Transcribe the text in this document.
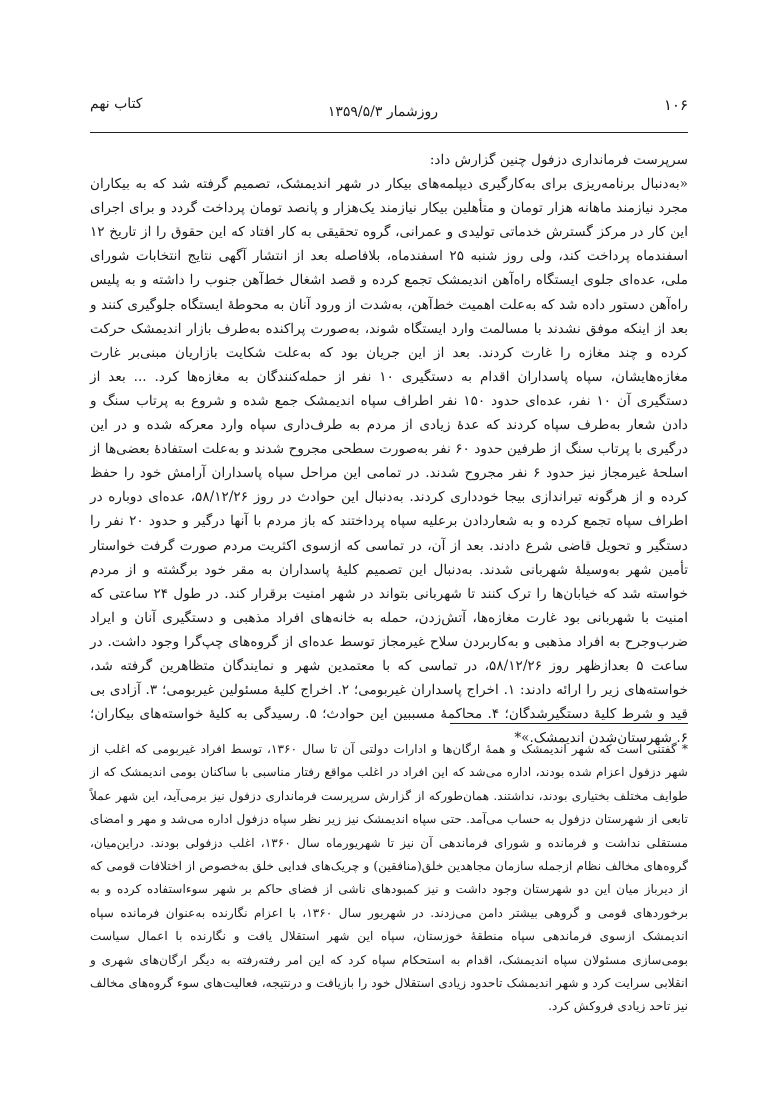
۱۰۶
روزشمار ۱۳۵۹/۵/۳
کتاب نهم

سرپرست فرمانداری دزفول چنین گزارش داد:

«به‌دنبال برنامه‌ریزی برای به‌کارگیری دیپلمه‌های بیکار در شهر اندیمشک، تصمیم گرفته شد که به بیکاران مجرد نیازمند ماهانه هزار تومان و متأهلین بیکار نیازمند یک‌هزار و پانصد تومان پرداخت گردد و برای اجرای این کار در مرکز گسترش خدماتی تولیدی و عمرانی، گروه تحقیقی به کار افتاد که این حقوق را از تاریخ ۱۲ اسفندماه پرداخت کند، ولی روز شنبه ۲۵ اسفندماه، بلافاصله بعد از انتشار آگهی نتایج انتخابات شورای ملی، عده‌ای جلوی ایستگاه راه‌آهن اندیمشک تجمع کرده و قصد اشغال خط‌آهن جنوب را داشته و به پلیس راه‌آهن دستور داده شد که به‌علت اهمیت خط‌آهن، به‌شدت از ورود آنان به محوطهٔ ایستگاه جلوگیری کنند و بعد از اینکه موفق نشدند با مسالمت وارد ایستگاه شوند، به‌صورت پراکنده به‌طرف بازار اندیمشک حرکت کرده و چند مغازه را غارت کردند. بعد از این جریان بود که به‌علت شکایت بازاریان مبنی‌بر غارت مغازه‌هایشان، سپاه پاسداران اقدام به دستگیری ۱۰ نفر از حمله‌کنندگان به مغازه‌ها کرد. ... بعد از دستگیری آن ۱۰ نفر، عده‌ای حدود ۱۵۰ نفر اطراف سپاه اندیمشک جمع شده و شروع به پرتاب سنگ و دادن شعار به‌طرف سپاه کردند که عدهٔ زیادی از مردم به طرف‌داری سپاه وارد معرکه شده و در این درگیری با پرتاب سنگ از طرفین حدود ۶۰ نفر به‌صورت سطحی مجروح شدند و به‌علت استفادهٔ بعضی‌ها از اسلحهٔ غیرمجاز نیز حدود ۶ نفر مجروح شدند. در تمامی این مراحل سپاه پاسداران آرامش خود را حفظ کرده و از هرگونه تیراندازی بیجا خودداری کردند. به‌دنبال این حوادث در روز ۵۸/۱۲/۲۶، عده‌ای دوباره در اطراف سپاه تجمع کرده و به شعاردادن برعلیه سپاه پرداختند که باز مردم با آنها درگیر و حدود ۲۰ نفر را دستگیر و تحویل قاضی شرع دادند. بعد از آن، در تماسی که ازسوی اکثریت مردم صورت گرفت خواستار تأمین شهر به‌وسیلهٔ شهربانی شدند. به‌دنبال این تصمیم کلیهٔ پاسداران به مقر خود برگشته و از مردم خواسته شد که خیابان‌ها را ترک کنند تا شهربانی بتواند در شهر امنیت برقرار کند. در طول ۲۴ ساعتی که امنیت با شهربانی بود غارت مغازه‌ها، آتش‌زدن، حمله به خانه‌های افراد مذهبی و دستگیری آنان و ایراد ضرب‌وجرح به افراد مذهبی و به‌کاربردن سلاح غیرمجاز توسط عده‌ای از گروه‌های چپ‌گرا وجود داشت. در ساعت ۵ بعدازظهر روز ۵۸/۱۲/۲۶، در تماسی که با معتمدین شهر و نمایندگان متظاهرین گرفته شد، خواسته‌های زیر را ارائه دادند: ۱. اخراج پاسداران غیربومی؛ ۲. اخراج کلیهٔ مسئولین غیربومی؛ ۳. آزادی بی قید و شرط کلیهٔ دستگیرشدگان؛ ۴. محاکمهٔ مسببین این حوادث؛ ۵. رسیدگی به کلیهٔ خواسته‌های بیکاران؛ ۶. شهرستان‌شدن اندیمشک.»*

* گفتنی است که شهر اندیمشک و همهٔ ارگان‌ها و ادارات دولتی آن تا سال ۱۳۶۰، توسط افراد غیربومی که اغلب از شهر دزفول اعزام شده بودند، اداره می‌شد که این افراد در اغلب مواقع رفتار مناسبی با ساکنان بومی اندیمشک که از طوایف مختلف بختیاری بودند، نداشتند. همان‌طورکه از گزارش سرپرست فرمانداری دزفول نیز برمی‌آید، این شهر عملاً تابعی از شهرستان دزفول به حساب می‌آمد. حتی سپاه اندیمشک نیز زیر نظر سپاه دزفول اداره می‌شد و مهر و امضای مستقلی نداشت و فرمانده و شورای فرماندهی آن نیز تا شهریورماه سال ۱۳۶۰، اغلب دزفولی بودند. دراین‌میان، گروه‌های مخالف نظام ازجمله سازمان مجاهدین خلق(منافقین) و چریک‌های فدایی خلق به‌خصوص از اختلافات قومی که از دیرباز میان این دو شهرستان وجود داشت و نیز کمبودهای ناشی از فضای حاکم بر شهر سوءاستفاده کرده و به برخوردهای قومی و گروهی بیشتر دامن می‌زدند. در شهریور سال ۱۳۶۰، با اعزام نگارنده به‌عنوان فرمانده سپاه اندیمشک ازسوی فرماندهی سپاه منطقهٔ خوزستان، سپاه این شهر استقلال یافت و نگارنده با اعمال سیاست بومی‌سازی مسئولان سپاه اندیمشک، اقدام به استحکام سپاه کرد که این امر رفته‌رفته به دیگر ارگان‌های شهری و انقلابی سرایت کرد و شهر اندیمشک تاحدود زیادی استقلال خود را بازیافت و درنتیجه، فعالیت‌های سوء گروه‌های مخالف نیز تاحد زیادی فروکش کرد.
